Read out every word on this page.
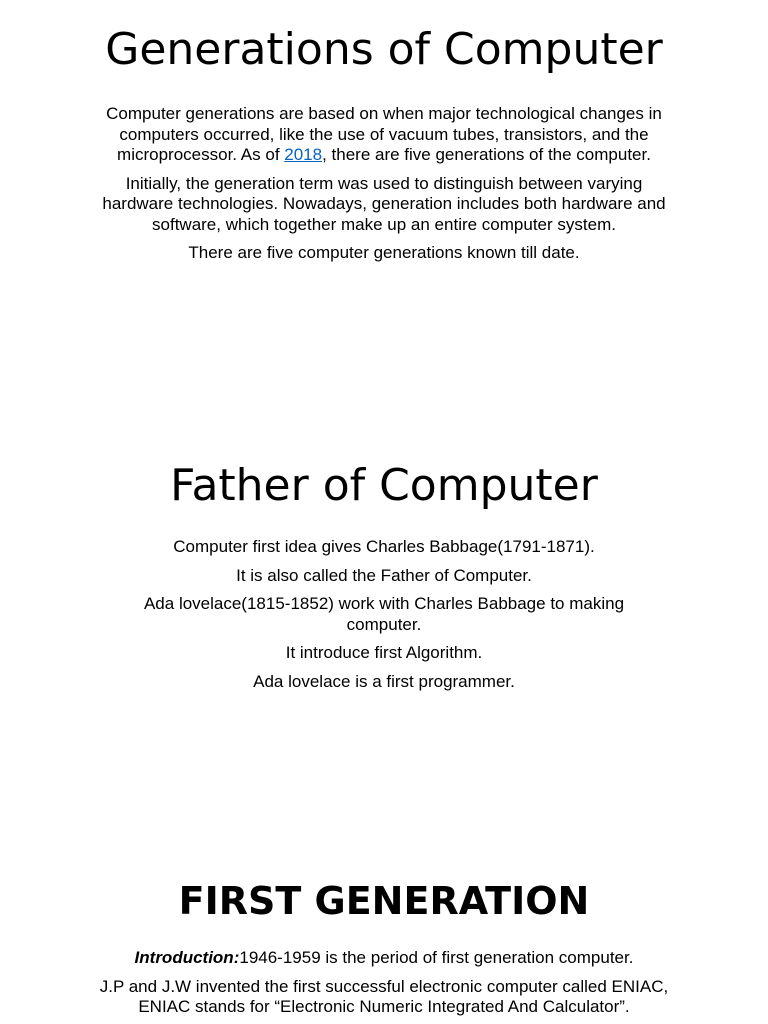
Generations of Computer

Computer generations are based on when major technological changes in computers occurred, like the use of vacuum tubes, transistors, and the microprocessor. As of 2018, there are five generations of the computer.

Initially, the generation term was used to distinguish between varying hardware technologies. Nowadays, generation includes both hardware and software, which together make up an entire computer system.

There are five computer generations known till date.

Father of Computer

Computer first idea gives Charles Babbage(1791-1871).

It is also called the Father of Computer.

Ada lovelace(1815-1852) work with Charles Babbage to making computer.

It introduce first Algorithm.

Ada lovelace is a first programmer.

FIRST GENERATION

Introduction:1946-1959 is the period of first generation computer.

J.P and J.W invented the first successful electronic computer called ENIAC, ENIAC stands for “Electronic Numeric Integrated And Calculator”.
